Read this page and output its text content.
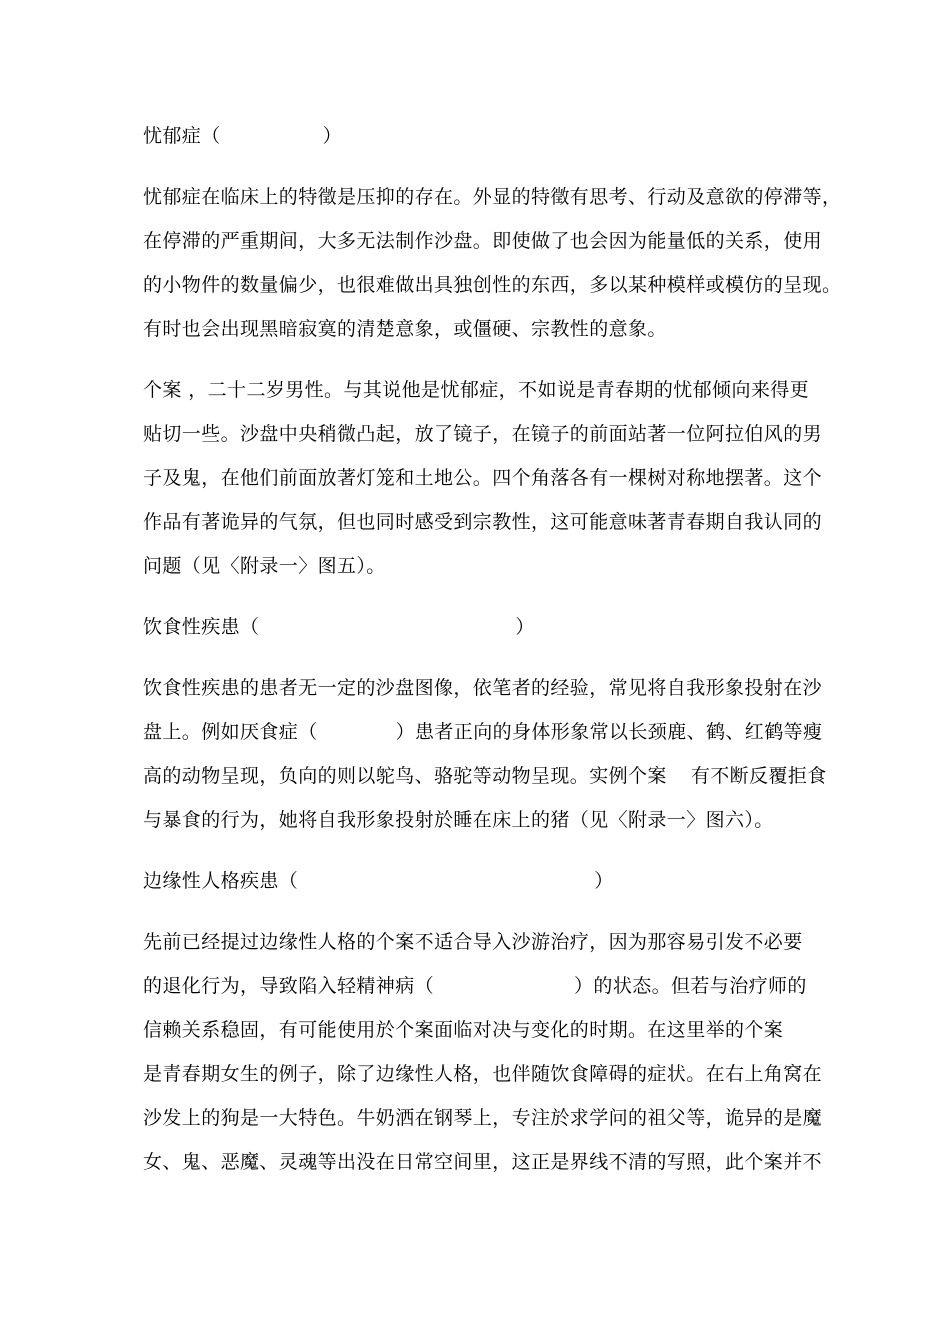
忧郁症（	）
忧郁症在临床上的特徵是压抑的存在。外显的特徵有思考、行动及意欲的停滞等，
在停滞的严重期间，大多无法制作沙盘。即使做了也会因为能量低的关系，使用
的小物件的数量偏少，也很难做出具独创性的东西，多以某种模样或模仿的呈现。
有时也会出现黑暗寂寞的清楚意象，或僵硬、宗教性的意象。
个案 ，二十二岁男性。与其说他是忧郁症，不如说是青春期的忧郁倾向来得更
贴切一些。沙盘中央稍微凸起，放了镜子，在镜子的前面站著一位阿拉伯风的男
子及鬼，在他们前面放著灯笼和土地公。四个角落各有一棵树对称地摆著。这个
作品有著诡异的气氛，但也同时感受到宗教性，这可能意味著青春期自我认同的
问题（见〈附录一〉图五）。
饮食性疾患（	）
饮食性疾患的患者无一定的沙盘图像，依笔者的经验，常见将自我形象投射在沙
盘上。例如厌食症（	）患者正向的身体形象常以长颈鹿、鹤、红鹤等瘦
高的动物呈现，负向的则以鸵鸟、骆驼等动物呈现。实例个案 有不断反覆拒食
与暴食的行为，她将自我形象投射於睡在床上的猪（见〈附录一〉图六）。
边缘性人格疾患（	）
先前已经提过边缘性人格的个案不适合导入沙游治疗，因为那容易引发不必要
的退化行为，导致陷入轻精神病（	）的状态。但若与治疗师的
信赖关系稳固，有可能使用於个案面临对决与变化的时期。在这里举的个案
是青春期女生的例子，除了边缘性人格，也伴随饮食障碍的症状。在右上角窝在
沙发上的狗是一大特色。牛奶洒在钢琴上，专注於求学问的祖父等，诡异的是魔
女、鬼、恶魔、灵魂等出没在日常空间里，这正是界线不清的写照，此个案并不
